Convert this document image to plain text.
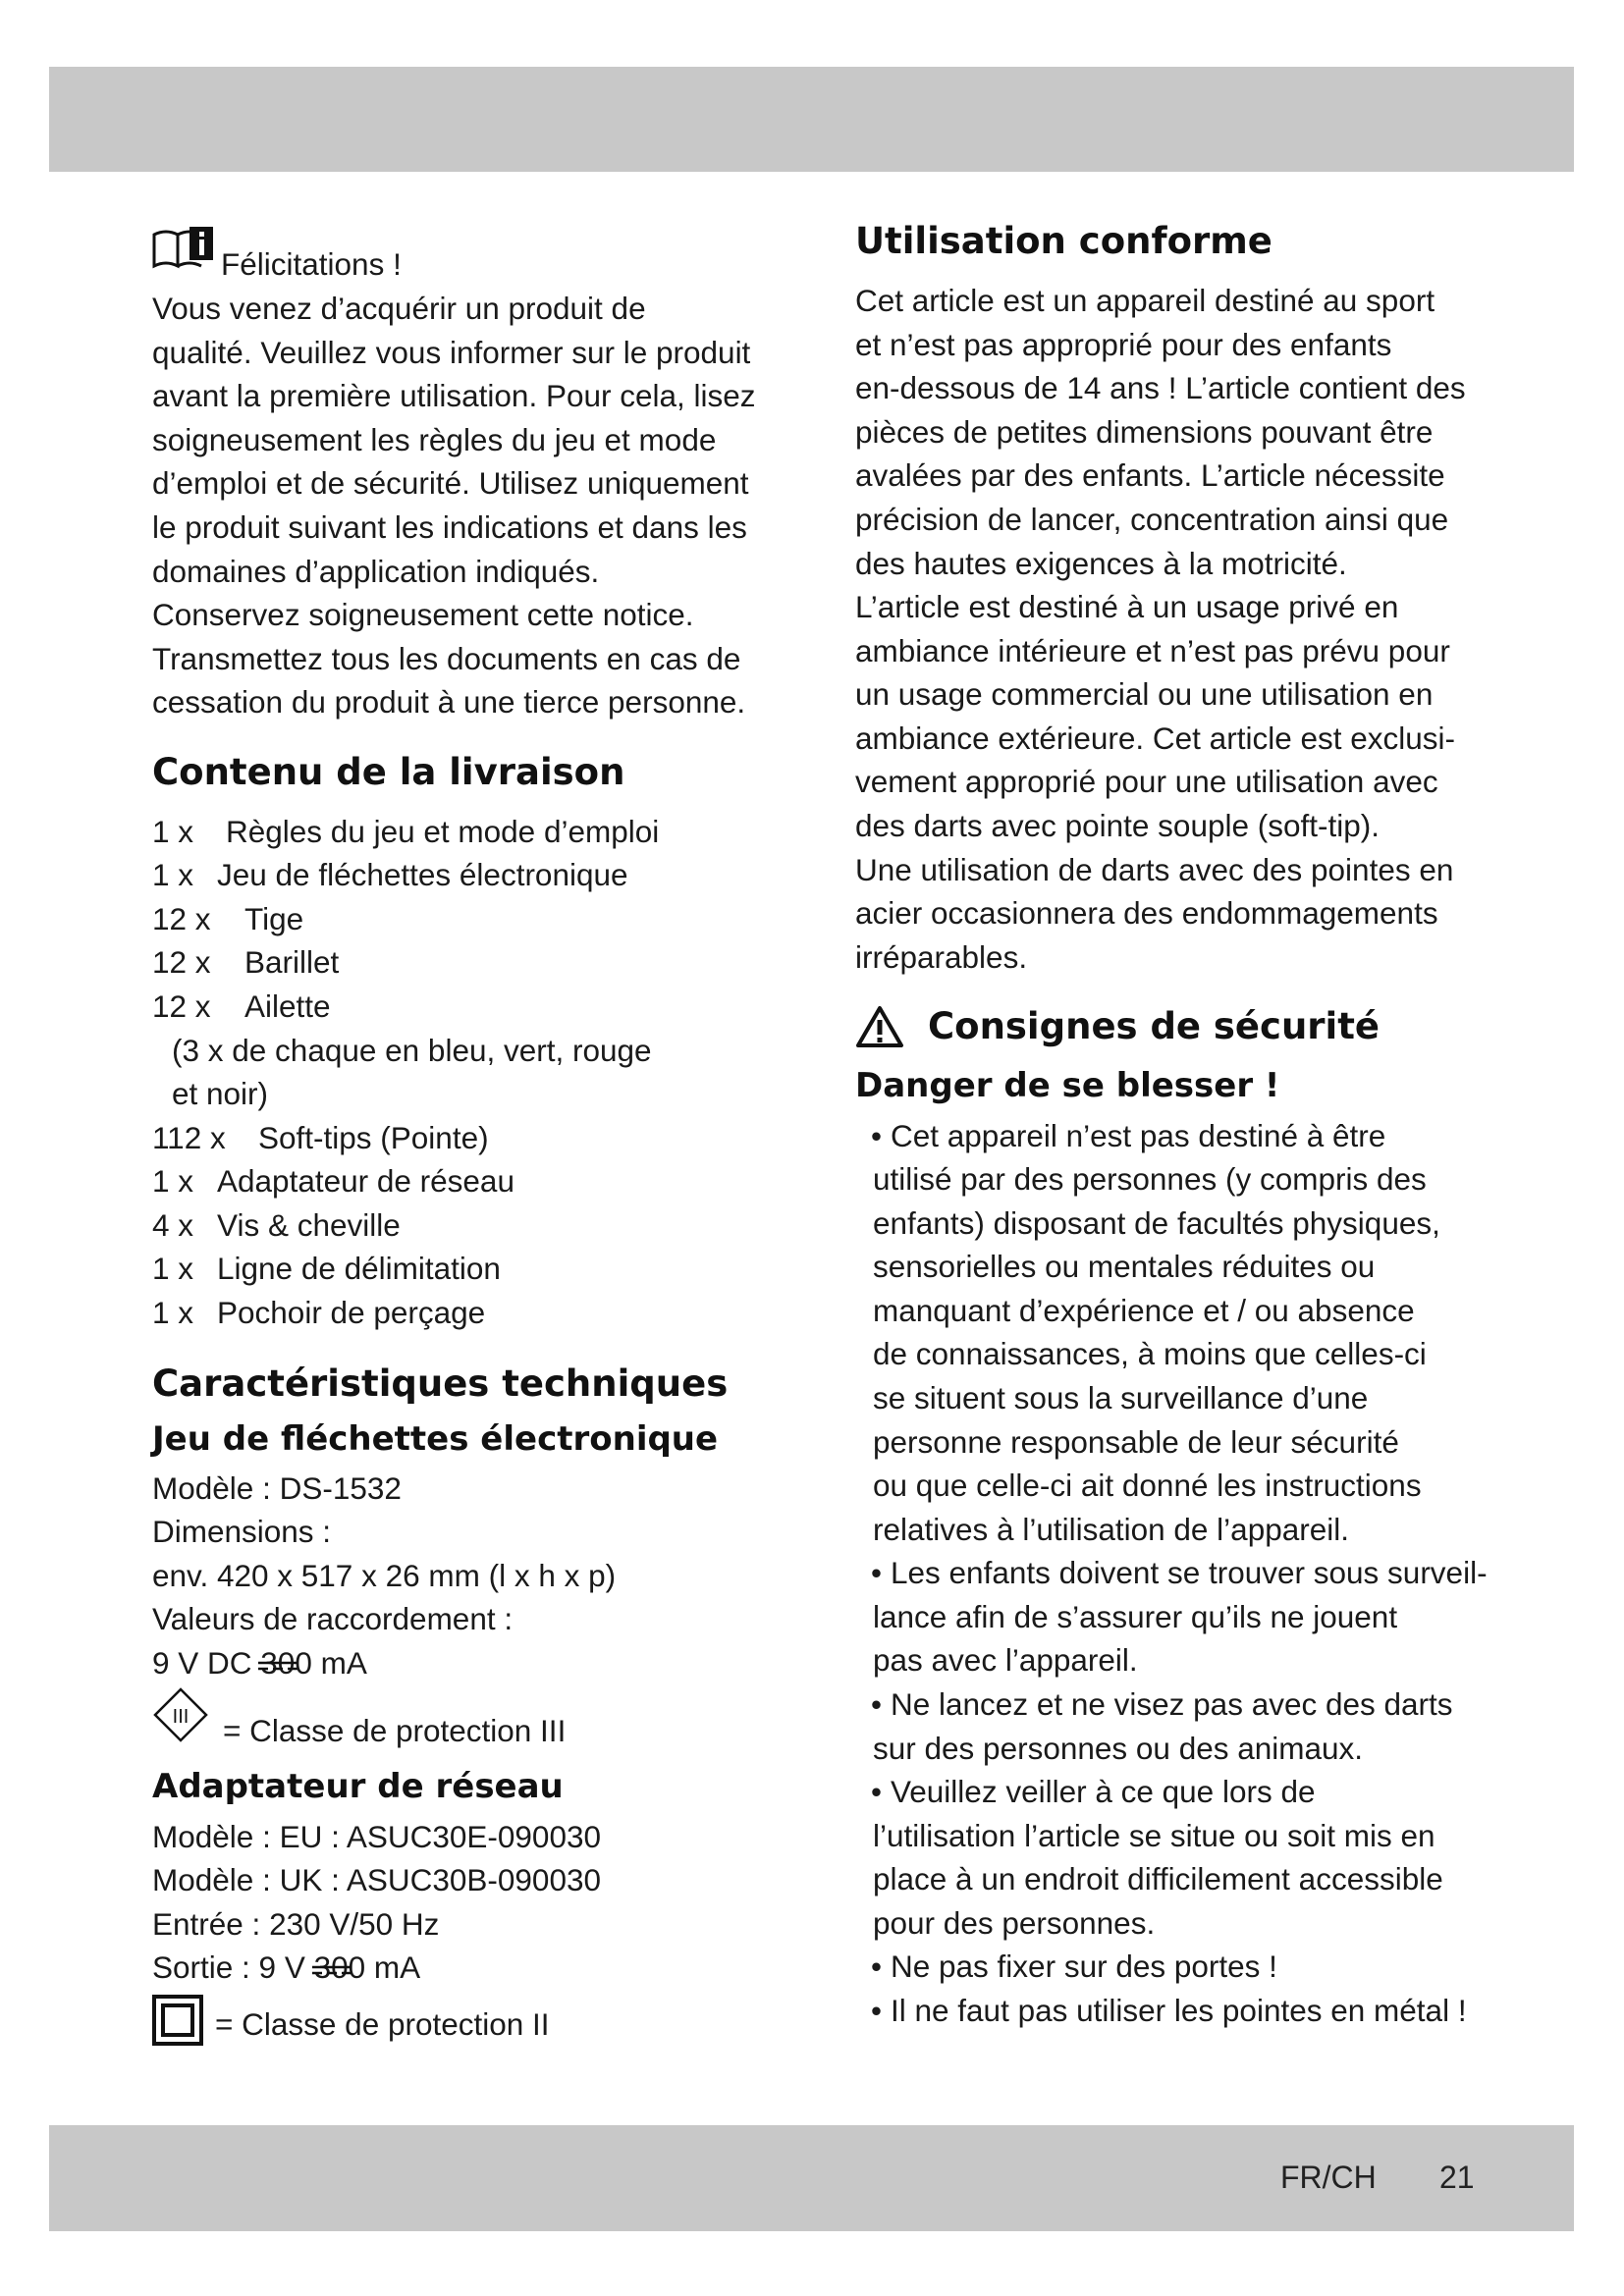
Félicitations !
Vous venez d’acquérir un produit de
qualité. Veuillez vous informer sur le produit
avant la première utilisation. Pour cela, lisez
soigneusement les règles du jeu et mode
d’emploi et de sécurité. Utilisez uniquement
le produit suivant les indications et dans les
domaines d’application indiqués.
Conservez soigneusement cette notice.
Transmettez tous les documents en cas de
cessation du produit à une tierce personne.
Contenu de la livraison
1 x Règles du jeu et mode d’emploi
1 x Jeu de fléchettes électronique
12 x Tige
12 x Barillet
12 x Ailette
(3 x de chaque en bleu, vert, rouge
et noir)
112 x Soft-tips (Pointe)
1 x Adaptateur de réseau
4 x Vis & cheville
1 x Ligne de délimitation
1 x Pochoir de perçage
Caractéristiques techniques
Jeu de fléchettes électronique
Modèle : DS-1532
Dimensions :
env. 420 x 517 x 26 mm (l x h x p)
Valeurs de raccordement :
9 V DC
300 mA
III = Classe de protection III
Adaptateur de réseau
Modèle : EU : ASUC30E-090030
Modèle : UK : ASUC30B-090030
Entrée : 230 V/50 Hz
Sortie : 9 V
300 mA
= Classe de protection II
Utilisation conforme
Cet article est un appareil destiné au sport
et n’est pas approprié pour des enfants
en-dessous de 14 ans ! L’article contient des
pièces de petites dimensions pouvant être
avalées par des enfants. L’article nécessite
précision de lancer, concentration ainsi que
des hautes exigences à la motricité.
L’article est destiné à un usage privé en
ambiance intérieure et n’est pas prévu pour
un usage commercial ou une utilisation en
ambiance extérieure. Cet article est exclusi-
vement approprié pour une utilisation avec
des darts avec pointe souple (soft-tip).
Une utilisation de darts avec des pointes en
acier occasionnera des endommagements
irréparables.
Consignes de sécurité
Danger de se blesser !
• Cet appareil n’est pas destiné à être
utilisé par des personnes (y compris des
enfants) disposant de facultés physiques,
sensorielles ou mentales réduites ou
manquant d’expérience et / ou absence
de connaissances, à moins que celles-ci
se situent sous la surveillance d’une
personne responsable de leur sécurité
ou que celle-ci ait donné les instructions
relatives à l’utilisation de l’appareil.
• Les enfants doivent se trouver sous surveil-
lance afin de s’assurer qu’ils ne jouent
pas avec l’appareil.
• Ne lancez et ne visez pas avec des darts
sur des personnes ou des animaux.
• Veuillez veiller à ce que lors de
l’utilisation l’article se situe ou soit mis en
place à un endroit difficilement accessible
pour des personnes.
• Ne pas fixer sur des portes !
• Il ne faut pas utiliser les pointes en métal !
FR/CH 21
